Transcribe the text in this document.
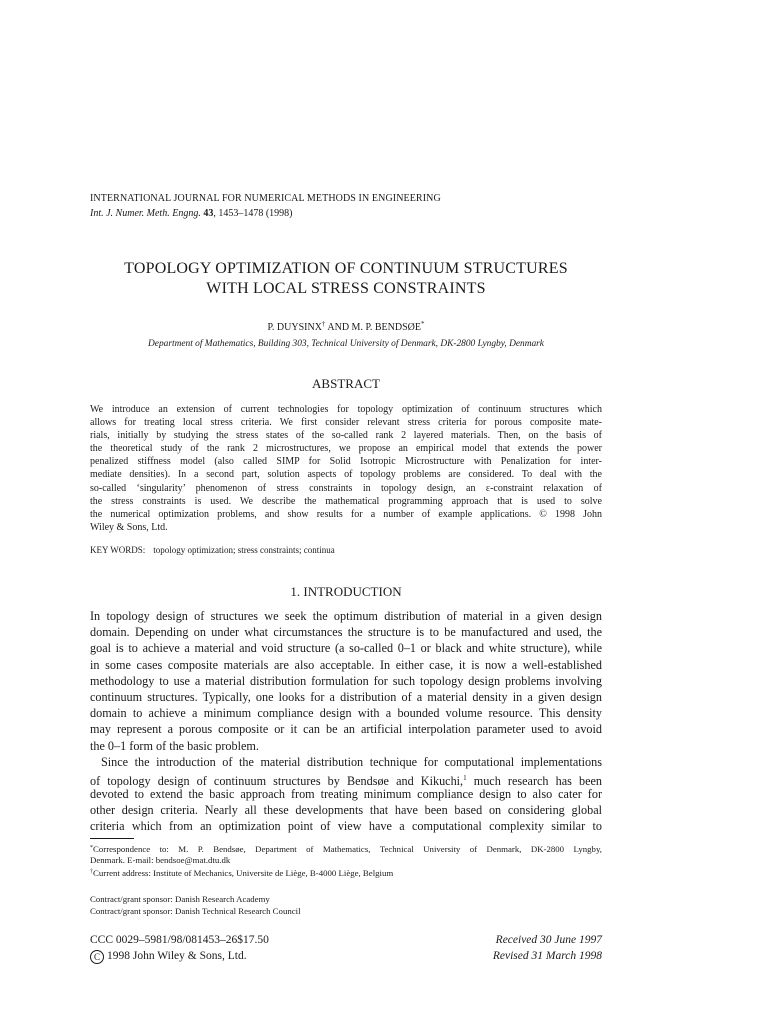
INTERNATIONAL JOURNAL FOR NUMERICAL METHODS IN ENGINEERING
Int. J. Numer. Meth. Engng. 43, 1453–1478 (1998)
TOPOLOGY OPTIMIZATION OF CONTINUUM STRUCTURES
WITH LOCAL STRESS CONSTRAINTS
P. DUYSINX† AND M. P. BENDSØE*
Department of Mathematics, Building 303, Technical University of Denmark, DK-2800 Lyngby, Denmark
ABSTRACT
We introduce an extension of current technologies for topology optimization of continuum structures which
allows for treating local stress criteria. We first consider relevant stress criteria for porous composite mate-
rials, initially by studying the stress states of the so-called rank 2 layered materials. Then, on the basis of
the theoretical study of the rank 2 microstructures, we propose an empirical model that extends the power
penalized stiffness model (also called SIMP for Solid Isotropic Microstructure with Penalization for inter-
mediate densities). In a second part, solution aspects of topology problems are considered. To deal with the
so-called ‘singularity’ phenomenon of stress constraints in topology design, an ε-constraint relaxation of
the stress constraints is used. We describe the mathematical programming approach that is used to solve
the numerical optimization problems, and show results for a number of example applications. © 1998 John
Wiley & Sons, Ltd.
KEY WORDS: topology optimization; stress constraints; continua
1. INTRODUCTION
In topology design of structures we seek the optimum distribution of material in a given design
domain. Depending on under what circumstances the structure is to be manufactured and used, the
goal is to achieve a material and void structure (a so-called 0–1 or black and white structure), while
in some cases composite materials are also acceptable. In either case, it is now a well-established
methodology to use a material distribution formulation for such topology design problems involving
continuum structures. Typically, one looks for a distribution of a material density in a given design
domain to achieve a minimum compliance design with a bounded volume resource. This density
may represent a porous composite or it can be an artificial interpolation parameter used to avoid
the 0–1 form of the basic problem.
Since the introduction of the material distribution technique for computational implementations
of topology design of continuum structures by Bendsøe and Kikuchi,$^1$ much research has been
devoted to extend the basic approach from treating minimum compliance design to also cater for
other design criteria. Nearly all these developments that have been based on considering global
criteria which from an optimization point of view have a computational complexity similar to
*Correspondence to: M. P. Bendsøe, Department of Mathematics, Technical University of Denmark, DK-2800 Lyngby,
Denmark. E-mail: bendsoe@mat.dtu.dk
†Current address: Institute of Mechanics, Universite de Liège, B-4000 Liège, Belgium
Contract/grant sponsor: Danish Research Academy
Contract/grant sponsor: Danish Technical Research Council
CCC 0029–5981/98/081453–26$17.50
C 1998 John Wiley & Sons, Ltd.
Received 30 June 1997
Revised 31 March 1998
